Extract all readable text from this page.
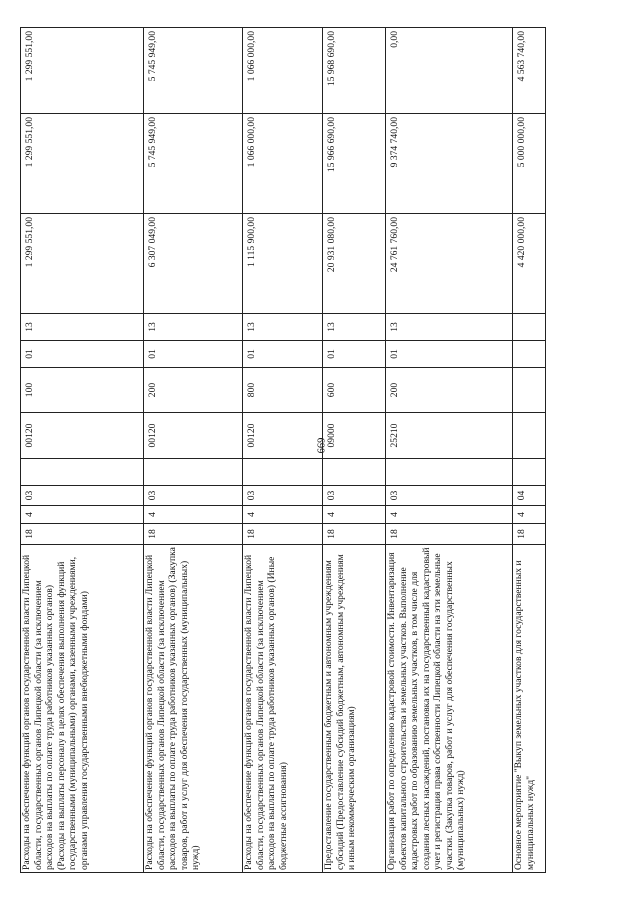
669
Расходы на обеспечение функций органов государственной власти Липецкой области, государственных органов Липецкой области (за исключением расходов на выплаты по оплате труда работников указанных органов) (Расходы на выплаты персоналу в целях обеспечения выполнения функций государственными (муниципальными) органами, казенными учреждениями, органами управления государственными внебюджетными фондами)	18	4	03		00120	100	01	13	1 299 551,00	1 299 551,00	1 299 551,00
Расходы на обеспечение функций органов государственной власти Липецкой области, государственных органов Липецкой области (за исключением расходов на выплаты по оплате труда работников указанных органов) (Закупка товаров, работ и услуг для обеспечения государственных (муниципальных) нужд)	18	4	03		00120	200	01	13	6 307 049,00	5 745 949,00	5 745 949,00
Расходы на обеспечение функций органов государственной власти Липецкой области, государственных органов Липецкой области (за исключением расходов на выплаты по оплате труда работников указанных органов) (Иные бюджетные ассигнования)	18	4	03		00120	800	01	13	1 115 900,00	1 066 000,00	1 066 000,00
Предоставление государственным бюджетным и автономным учреждениям субсидий (Предоставление субсидий бюджетным, автономным учреждениям и иным некоммерческим организациям)	18	4	03		09000	600	01	13	20 931 080,00	15 966 690,00	15 968 690,00
Организация работ по определению кадастровой стоимости. Инвентаризация объектов капитального строительства и земельных участков. Выполнение кадастровых работ по образованию земельных участков, в том числе для создания лесных насаждений, постановка их на государственный кадастровый учет и регистрация права собственности Липецкой области на эти земельные участки. (Закупка товаров, работ и услуг для обеспечения государственных (муниципальных) нужд)	18	4	03		25210	200	01	13	24 761 760,00	9 374 740,00	0,00
Основное мероприятие "Выкуп земельных участков для государственных и муниципальных нужд"	18	4	04						4 420 000,00	5 000 000,00	4 563 740,00
